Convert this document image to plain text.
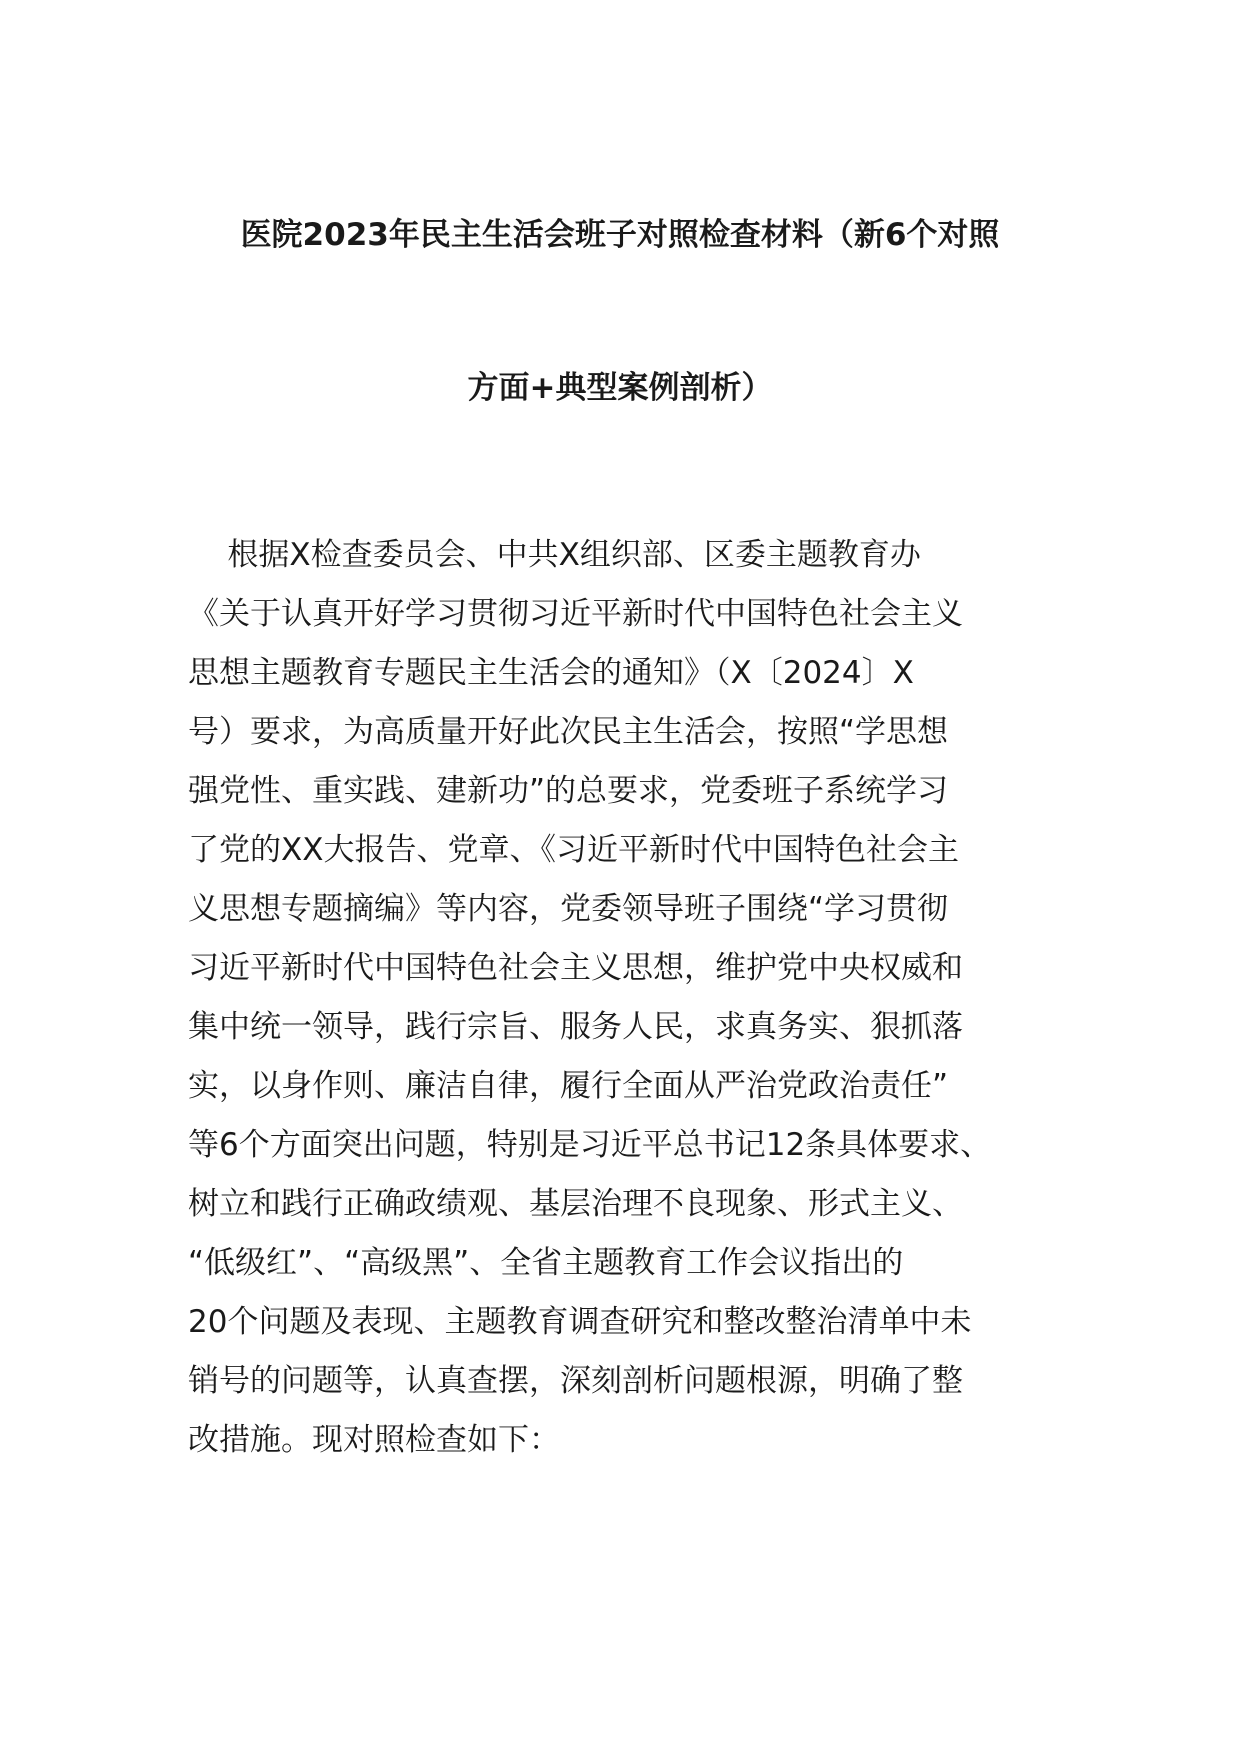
医院2023年民主生活会班子对照检查材料（新6个对照
方面+典型案例剖析）
根据X检查委员会、中共X组织部、区委主题教育办
《关于认真开好学习贯彻习近平新时代中国特色社会主义
思想主题教育专题民主生活会的通知》（X〔2024〕X
号）要求，为高质量开好此次民主生活会，按照“学思想
强党性、重实践、建新功”的总要求，党委班子系统学习
了党的XX大报告、党章、《习近平新时代中国特色社会主
义思想专题摘编》等内容，党委领导班子围绕“学习贯彻
习近平新时代中国特色社会主义思想，维护党中央权威和
集中统一领导，践行宗旨、服务人民，求真务实、狠抓落
实，以身作则、廉洁自律，履行全面从严治党政治责任”
等6个方面突出问题，特别是习近平总书记12条具体要求、
树立和践行正确政绩观、基层治理不良现象、形式主义、
“低级红”、“高级黑”、全省主题教育工作会议指出的
20个问题及表现、主题教育调查研究和整改整治清单中未
销号的问题等，认真查摆，深刻剖析问题根源，明确了整
改措施。现对照检查如下：
